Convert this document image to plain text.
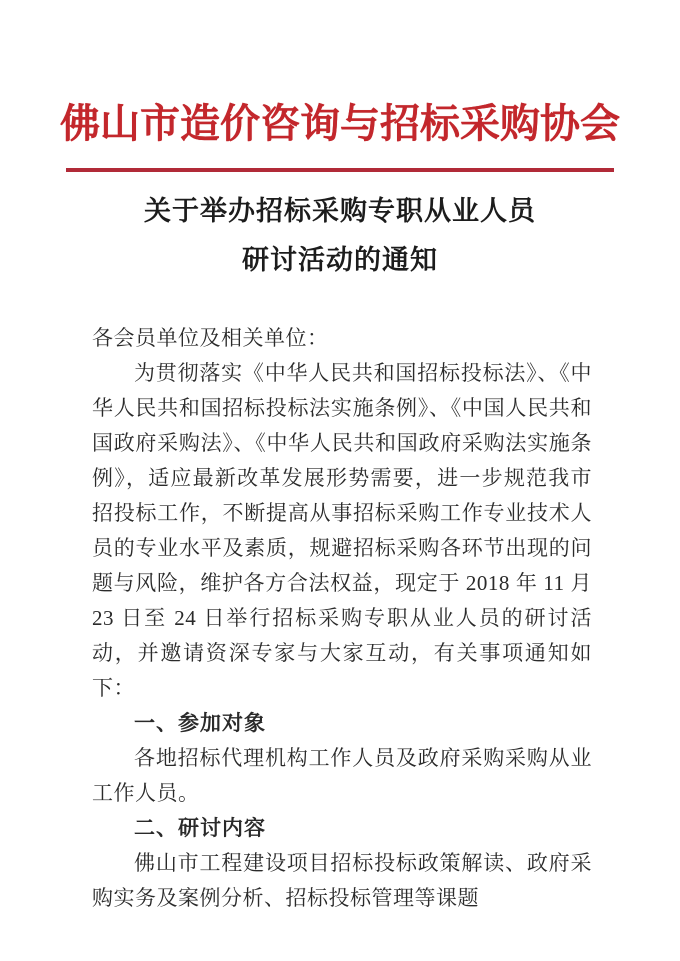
佛山市造价咨询与招标采购协会
关于举办招标采购专职从业人员
研讨活动的通知

各会员单位及相关单位：

为贯彻落实《中华人民共和国招标投标法》、《中华人民共和国招标投标法实施条例》、《中国人民共和国政府采购法》、《中华人民共和国政府采购法实施条例》，适应最新改革发展形势需要，进一步规范我市招投标工作，不断提高从事招标采购工作专业技术人员的专业水平及素质，规避招标采购各环节出现的问题与风险，维护各方合法权益，现定于 2018 年 11 月 23 日至 24 日举行招标采购专职从业人员的研讨活动，并邀请资深专家与大家互动，有关事项通知如下：

一、参加对象

各地招标代理机构工作人员及政府采购采购从业工作人员。

二、研讨内容

佛山市工程建设项目招标投标政策解读、政府采购实务及案例分析、招标投标管理等课题
